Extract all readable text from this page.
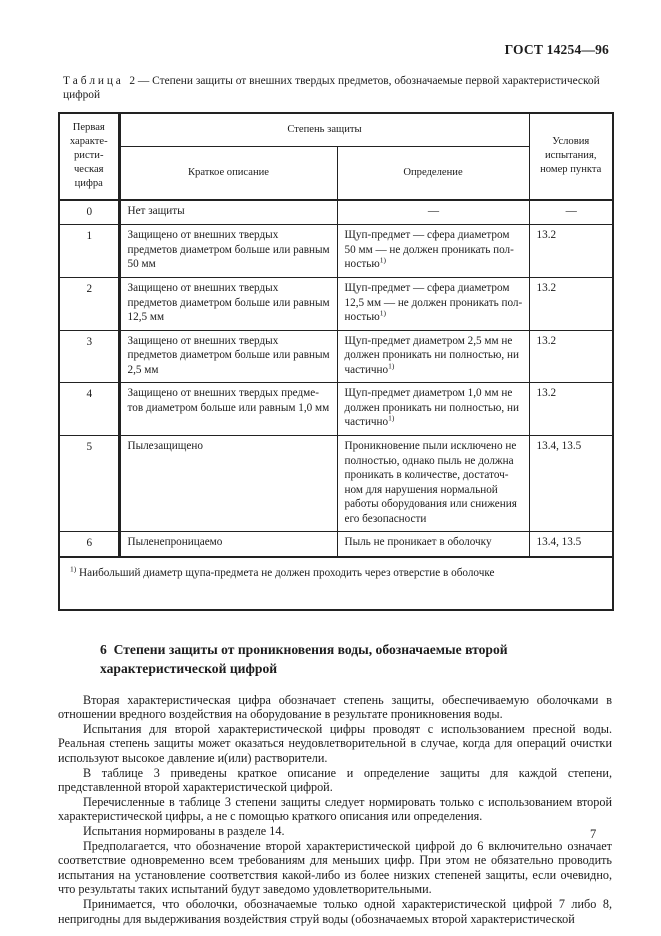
ГОСТ 14254—96

Т а б л и ц а   2 — Степени защиты от внешних твердых предметов, обозначаемые первой характеристической цифрой

Первая характе-ристи-ческая цифра	Степень защиты		Условия испытания, номер пункта
	Краткое описание	Определение	
0	Нет защиты	—	—
1	Защищено от внешних твердых предметов диаметром больше или равным 50 мм	Щуп-предмет — сфера диаметром 50 мм — не должен проникать полностью$^{1)}$	13.2
2	Защищено от внешних твердых предметов диаметром больше или равным 12,5 мм	Щуп-предмет — сфера диаметром 12,5 мм — не должен проникать полностью$^{1)}$	13.2
3	Защищено от внешних твердых предметов диаметром больше или равным 2,5 мм	Щуп-предмет диаметром 2,5 мм не должен проникать ни полностью, ни частично$^{1)}$	13.2
4	Защищено от внешних твердых предметов диаметром больше или равным 1,0 мм	Щуп-предмет диаметром 1,0 мм не должен проникать ни полностью, ни частично$^{1)}$	13.2
5	Пылезащищено	Проникновение пыли исключено не полностью, однако пыль не должна проникать в количестве, достаточном для нарушения нормальной работы оборудования или снижения его безопасности	13.4, 13.5
6	Пыленепроницаемо	Пыль не проникает в оболочку	13.4, 13.5
$^{1)}$ Наибольший диаметр щупа-предмета не должен проходить через отверстие в оболочке			
6  Степени защиты от проникновения воды, обозначаемые второй характеристической цифрой

Вторая характеристическая цифра обозначает степень защиты, обеспечиваемую оболочками в отношении вредного воздействия на оборудование в результате проникновения воды.

Испытания для второй характеристической цифры проводят с использованием пресной воды. Реальная степень защиты может оказаться неудовлетворительной в случае, когда для операций очистки используют высокое давление и(или) растворители.

В таблице 3 приведены краткое описание и определение защиты для каждой степени, представленной второй характеристической цифрой.

Перечисленные в таблице 3 степени защиты следует нормировать только с использованием второй характеристической цифры, а не с помощью краткого описания или определения.

Испытания нормированы в разделе 14.

Предполагается, что обозначение второй характеристической цифрой до 6 включительно означает соответствие одновременно всем требованиям для меньших цифр. При этом не обязательно проводить испытания на установление соответствия какой-либо из более низких степеней защиты, если очевидно, что результаты таких испытаний будут заведомо удовлетворительными.

Принимается, что оболочки, обозначаемые только одной характеристической цифрой 7 либо 8, непригодны для выдерживания воздействия струй воды (обозначаемых второй характеристической

7
